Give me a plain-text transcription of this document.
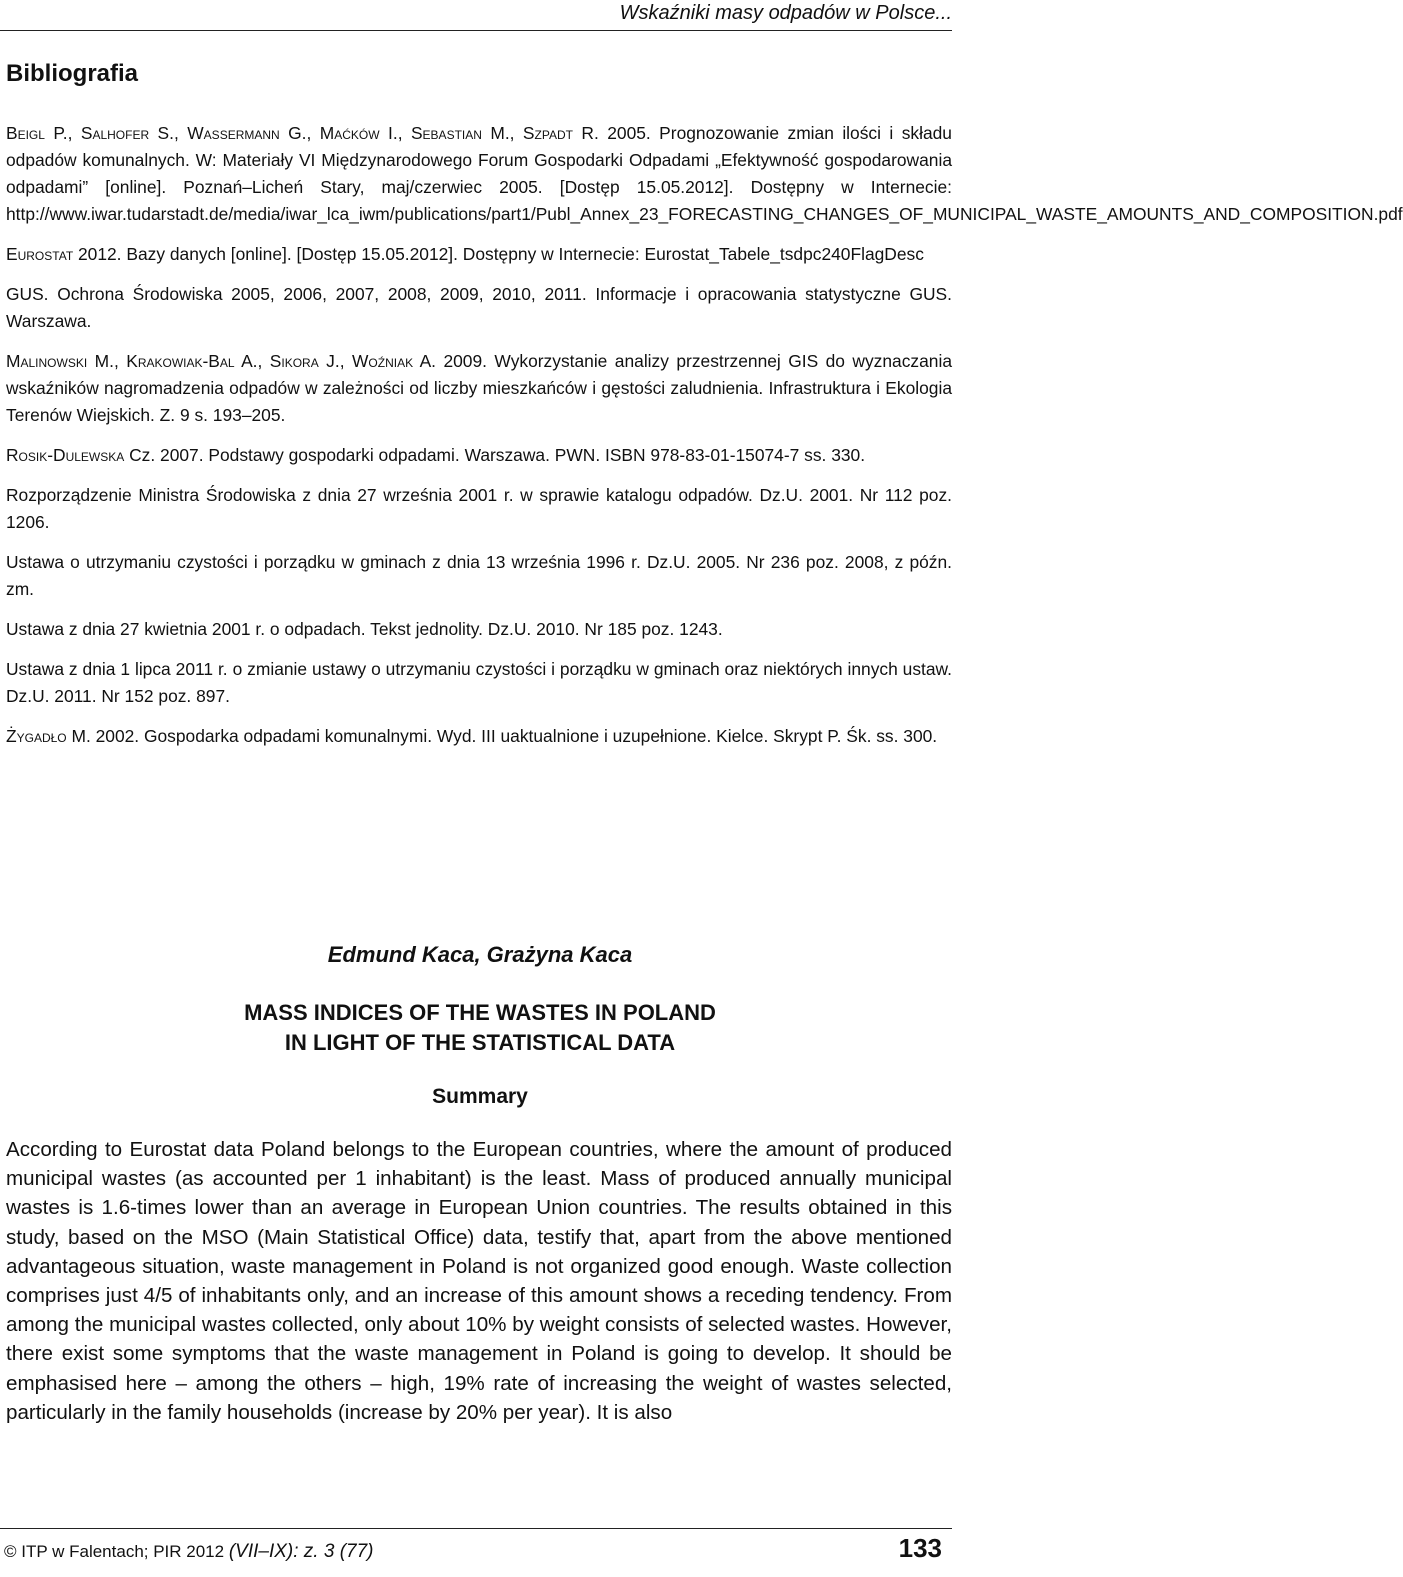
Wskaźniki masy odpadów w Polsce...
Bibliografia

Beigl P., Salhofer S., Wassermann G., Maćków I., Sebastian M., Szpadt R. 2005. Prognozowanie zmian ilości i składu odpadów komunalnych. W: Materiały VI Międzynarodowego Forum Gospodarki Odpadami „Efektywność gospodarowania odpadami” [online]. Poznań–Licheń Stary, maj/czerwiec 2005. [Dostęp 15.05.2012]. Dostępny w Internecie: http://www.iwar.tudarstadt.de/media/iwar_lca_iwm/publications/part1/Publ_Annex_23_FORECASTING_CHANGES_OF_MUNICIPAL_WASTE_AMOUNTS_AND_COMPOSITION.pdf

Eurostat 2012. Bazy danych [online]. [Dostęp 15.05.2012]. Dostępny w Internecie: Eurostat_Tabele_tsdpc240FlagDesc

GUS. Ochrona Środowiska 2005, 2006, 2007, 2008, 2009, 2010, 2011. Informacje i opracowania statystyczne GUS. Warszawa.

Malinowski M., Krakowiak-Bal A., Sikora J., Woźniak A. 2009. Wykorzystanie analizy przestrzennej GIS do wyznaczania wskaźników nagromadzenia odpadów w zależności od liczby mieszkańców i gęstości zaludnienia. Infrastruktura i Ekologia Terenów Wiejskich. Z. 9 s. 193–205.

Rosik-Dulewska Cz. 2007. Podstawy gospodarki odpadami. Warszawa. PWN. ISBN 978-83-01-15074-7 ss. 330.

Rozporządzenie Ministra Środowiska z dnia 27 września 2001 r. w sprawie katalogu odpadów. Dz.U. 2001. Nr 112 poz. 1206.

Ustawa o utrzymaniu czystości i porządku w gminach z dnia 13 września 1996 r. Dz.U. 2005. Nr 236 poz. 2008, z późn. zm.

Ustawa z dnia 27 kwietnia 2001 r. o odpadach. Tekst jednolity. Dz.U. 2010. Nr 185 poz. 1243.

Ustawa z dnia 1 lipca 2011 r. o zmianie ustawy o utrzymaniu czystości i porządku w gminach oraz niektórych innych ustaw. Dz.U. 2011. Nr 152 poz. 897.

Żygadło M. 2002. Gospodarka odpadami komunalnymi. Wyd. III uaktualnione i uzupełnione. Kielce. Skrypt P. Śk. ss. 300.

Edmund Kaca, Grażyna Kaca
MASS INDICES OF THE WASTES IN POLAND
IN LIGHT OF THE STATISTICAL DATA
Summary

According to Eurostat data Poland belongs to the European countries, where the amount of produced municipal wastes (as accounted per 1 inhabitant) is the least. Mass of produced annually municipal wastes is 1.6-times lower than an average in European Union countries. The results obtained in this study, based on the MSO (Main Statistical Office) data, testify that, apart from the above mentioned advantageous situation, waste management in Poland is not organized good enough. Waste collection comprises just 4/5 of inhabitants only, and an increase of this amount shows a receding tendency. From among the municipal wastes collected, only about 10% by weight consists of selected wastes. However, there exist some symptoms that the waste management in Poland is going to develop. It should be emphasised here – among the others – high, 19% rate of increasing the weight of wastes selected, particularly in the family households (increase by 20% per year). It is also

© ITP w Falentach; PIR 2012 (VII–IX): z. 3 (77)	133
